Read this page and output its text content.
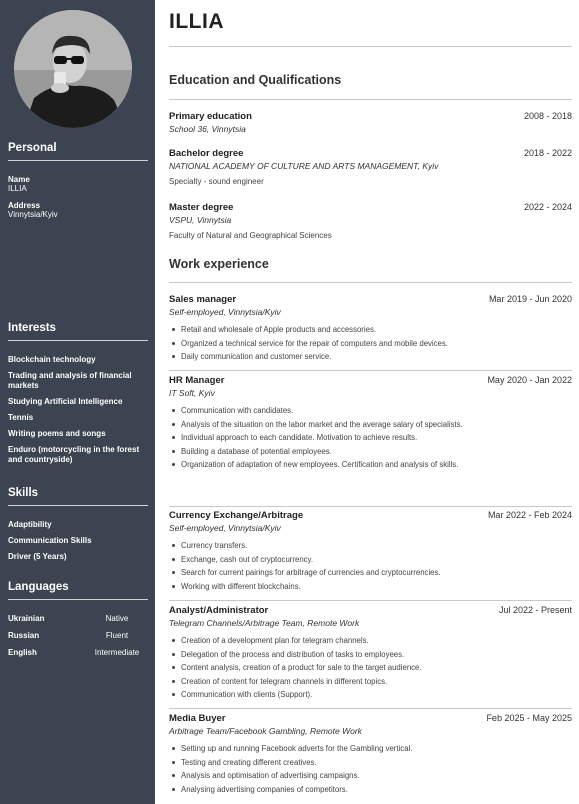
Personal
Name
ILLIA
Address
Vinnytsia/Kyiv
Interests
Blockchain technology
Trading and analysis of financial markets
Studying Artificial Intelligence
Tennis
Writing poems and songs
Enduro (motorcycling in the forest and countryside)
Skills
Adaptibility
Communication Skills
Driver (5 Years)
Languages
Ukrainian	Native
Russian	Fluent
English	Intermediate
ILLIA
Education and Qualifications
Primary education	2008 - 2018
School 36, Vinnytsia
Bachelor degree	2018 - 2022
NATIONAL ACADEMY OF CULTURE AND ARTS MANAGEMENT, Kyiv
Specialty - sound engineer
Master degree	2022 - 2024
VSPU, Vinnytsia
Faculty of Natural and Geographical Sciences
Work experience
Sales manager	Mar 2019 - Jun 2020
Self-employed, Vinnytsia/Kyiv
Retail and wholesale of Apple products and accessories.
Organized a technical service for the repair of computers and mobile devices.
Daily communication and customer service.
HR Manager	May 2020 - Jan 2022
IT Soft, Kyiv
Communication with candidates.
Analysis of the situation on the labor market and the average salary of specialists.
Individual approach to each candidate. Motivation to achieve results.
Building a database of potential employees.
Organization of adaptation of new employees. Certification and analysis of skills.
Currency Exchange/Arbitrage	Mar 2022 - Feb 2024
Self-employed, Vinnytsia/Kyiv
Currency transfers.
Exchange, cash out of cryptocurrency.
Search for current pairings for arbitrage of currencies and cryptocurrencies.
Working with different blockchains.
Analyst/Administrator	Jul 2022 - Present
Telegram Channels/Arbitrage Team, Remote Work
Creation of a development plan for telegram channels.
Delegation of the process and distribution of tasks to employees.
Content analysis, creation of a product for sale to the target audience.
Creation of content for telegram channels in different topics.
Communication with clients (Support).
Media Buyer	Feb 2025 - May 2025
Arbitrage Team/Facebook Gambling, Remote Work
Setting up and running Facebook adverts for the Gambling vertical.
Testing and creating different creatives.
Analysis and optimisation of advertising campaigns.
Analysing advertising companies of competitors.
